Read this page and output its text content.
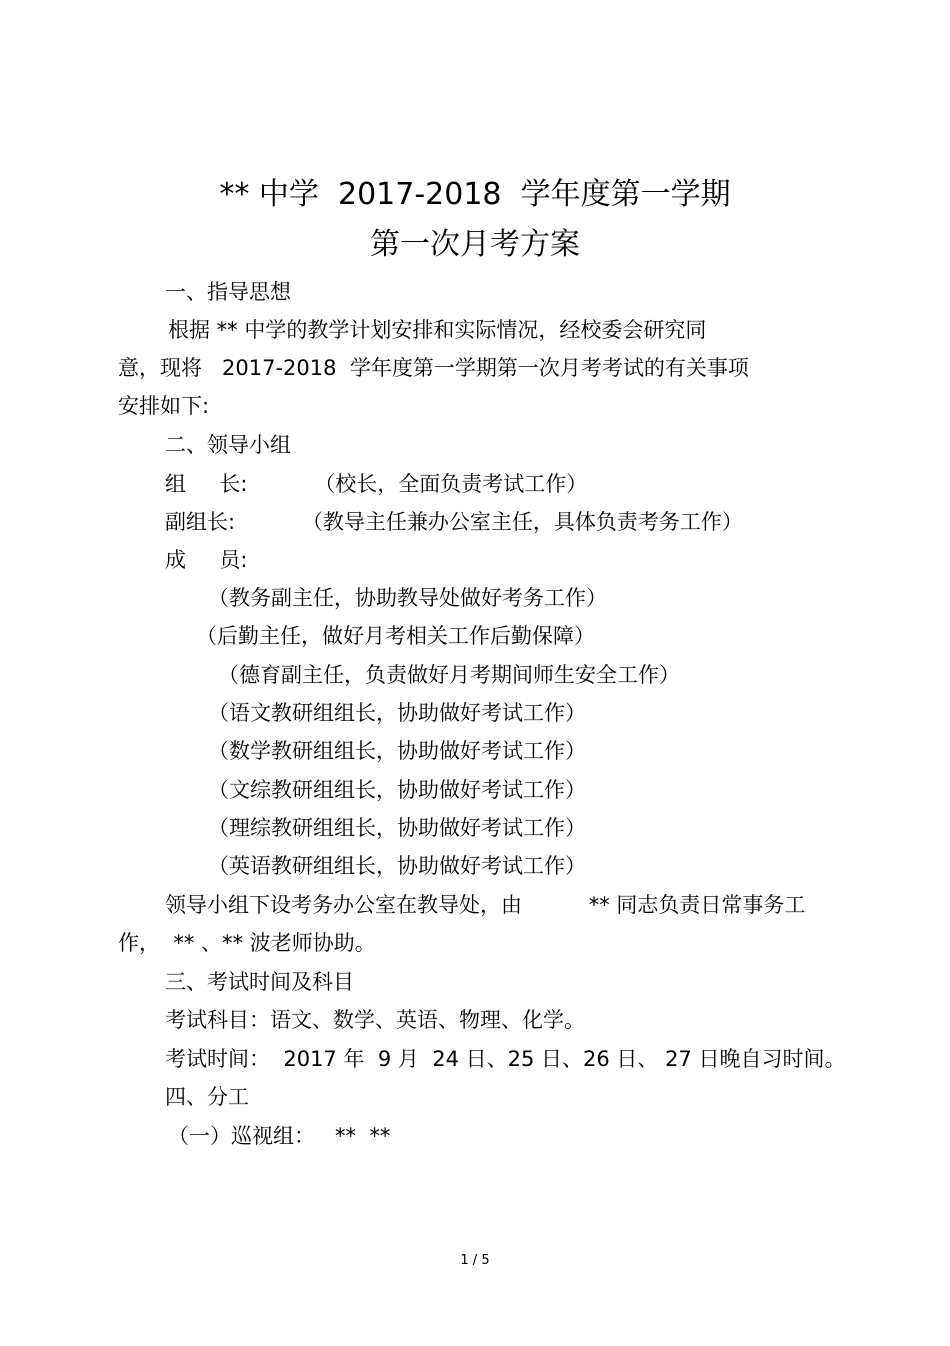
** 中学  2017-2018  学年度第一学期
第一次月考方案
一、指导思想
根据 ** 中学的教学计划安排和实际情况，经校委会研究同
意，现将   2017-2018  学年度第一学期第一次月考考试的有关事项
安排如下:
二、领导小组
组     长:          （校长，全面负责考试工作）
副组长:          （教导主任兼办公室主任，具体负责考务工作）
成     员:
（教务副主任，协助教导处做好考务工作）
（后勤主任，做好月考相关工作后勤保障）
（德育副主任，负责做好月考期间师生安全工作）
（语文教研组组长，协助做好考试工作）
（数学教研组组长，协助做好考试工作）
（文综教研组组长，协助做好考试工作）
（理综教研组组长，协助做好考试工作）
（英语教研组组长，协助做好考试工作）
领导小组下设考务办公室在教导处，由          ** 同志负责日常事务工
作，  ** 、** 波老师协助。
三、考试时间及科目
考试科目：语文、数学、英语、物理、化学。
考试时间：  2017 年  9 月  24 日、25 日、26 日、 27 日晚自习时间。
四、分工
（一）巡视组：   **  **
1 / 5
